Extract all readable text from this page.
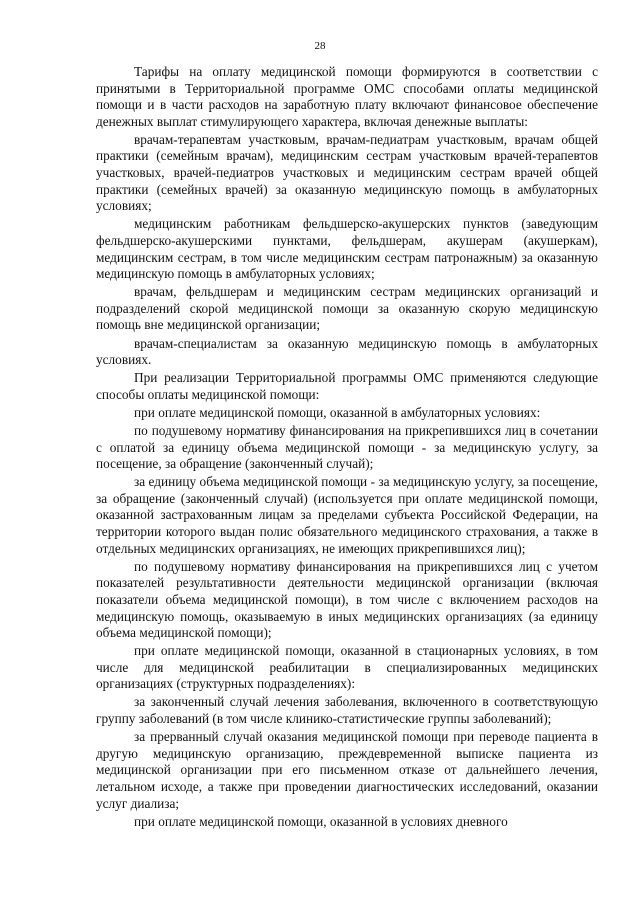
28

Тарифы на оплату медицинской помощи формируются в соответствии с принятыми в Территориальной программе ОМС способами оплаты медицинской помощи и в части расходов на заработную плату включают финансовое обеспечение денежных выплат стимулирующего характера, включая денежные выплаты:

врачам-терапевтам участковым, врачам-педиатрам участковым, врачам общей практики (семейным врачам), медицинским сестрам участковым врачей-терапевтов участковых, врачей-педиатров участковых и медицинским сестрам врачей общей практики (семейных врачей) за оказанную медицинскую помощь в амбулаторных условиях;

медицинским работникам фельдшерско-акушерских пунктов (заведующим фельдшерско-акушерскими пунктами, фельдшерам, акушерам (акушеркам), медицинским сестрам, в том числе медицинским сестрам патронажным) за оказанную медицинскую помощь в амбулаторных условиях;

врачам, фельдшерам и медицинским сестрам медицинских организаций и подразделений скорой медицинской помощи за оказанную скорую медицинскую помощь вне медицинской организации;

врачам-специалистам за оказанную медицинскую помощь в амбулаторных условиях.

При реализации Территориальной программы ОМС применяются следующие способы оплаты медицинской помощи:

при оплате медицинской помощи, оказанной в амбулаторных условиях:

по подушевому нормативу финансирования на прикрепившихся лиц в сочетании с оплатой за единицу объема медицинской помощи - за медицинскую услугу, за посещение, за обращение (законченный случай);

за единицу объема медицинской помощи - за медицинскую услугу, за посещение, за обращение (законченный случай) (используется при оплате медицинской помощи, оказанной застрахованным лицам за пределами субъекта Российской Федерации, на территории которого выдан полис обязательного медицинского страхования, а также в отдельных медицинских организациях, не имеющих прикрепившихся лиц);

по подушевому нормативу финансирования на прикрепившихся лиц с учетом показателей результативности деятельности медицинской организации (включая показатели объема медицинской помощи), в том числе с включением расходов на медицинскую помощь, оказываемую в иных медицинских организациях (за единицу объема медицинской помощи);

при оплате медицинской помощи, оказанной в стационарных условиях, в том числе для медицинской реабилитации в специализированных медицинских организациях (структурных подразделениях):

за законченный случай лечения заболевания, включенного в соответствующую группу заболеваний (в том числе клинико-статистические группы заболеваний);

за прерванный случай оказания медицинской помощи при переводе пациента в другую медицинскую организацию, преждевременной выписке пациента из медицинской организации при его письменном отказе от дальнейшего лечения, летальном исходе, а также при проведении диагностических исследований, оказании услуг диализа;

при оплате медицинской помощи, оказанной в условиях дневного
